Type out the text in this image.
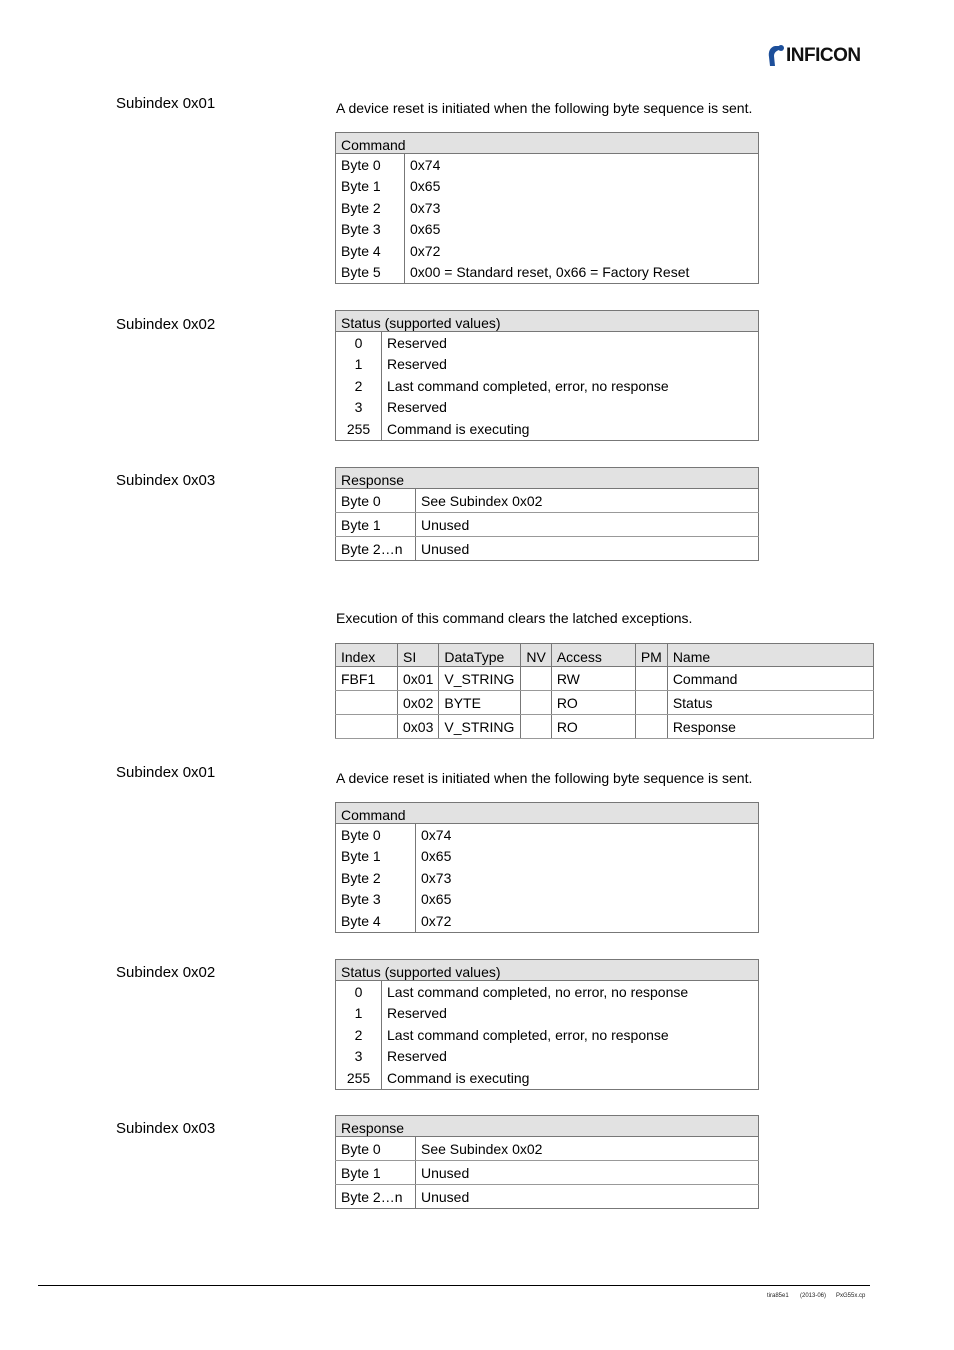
INFICON
Subindex 0x01	A device reset is initiated when the following byte sequence is sent.
Command	
Byte 0	0x74
Byte 1	0x65
Byte 2	0x73
Byte 3	0x65
Byte 4	0x72
Byte 5	0x00 = Standard reset, 0x66 = Factory Reset
Subindex 0x02	Status (supported values)	
0	Reserved
1	Reserved
2	Last command completed, error, no response
3	Reserved
255	Command is executing
Subindex 0x03	Response	
Byte 0	See Subindex 0x02
Byte 1	Unused
Byte 2…n	Unused
Execution of this command clears the latched exceptions.
Index	SI	DataType	NV	Access	PM	Name
FBF1	0x01	V_STRING		RW		Command
	0x02	BYTE		RO		Status
	0x03	V_STRING		RO		Response
Subindex 0x01	A device reset is initiated when the following byte sequence is sent.
Command	
Byte 0	0x74
Byte 1	0x65
Byte 2	0x73
Byte 3	0x65
Byte 4	0x72
Subindex 0x02	Status (supported values)	
0	Last command completed, no error, no response
1	Reserved
2	Last command completed, error, no response
3	Reserved
255	Command is executing
Subindex 0x03	Response	
Byte 0	See Subindex 0x02
Byte 1	Unused
Byte 2…n	Unused
tira85e1 (2013-06) PxG55x.cp
